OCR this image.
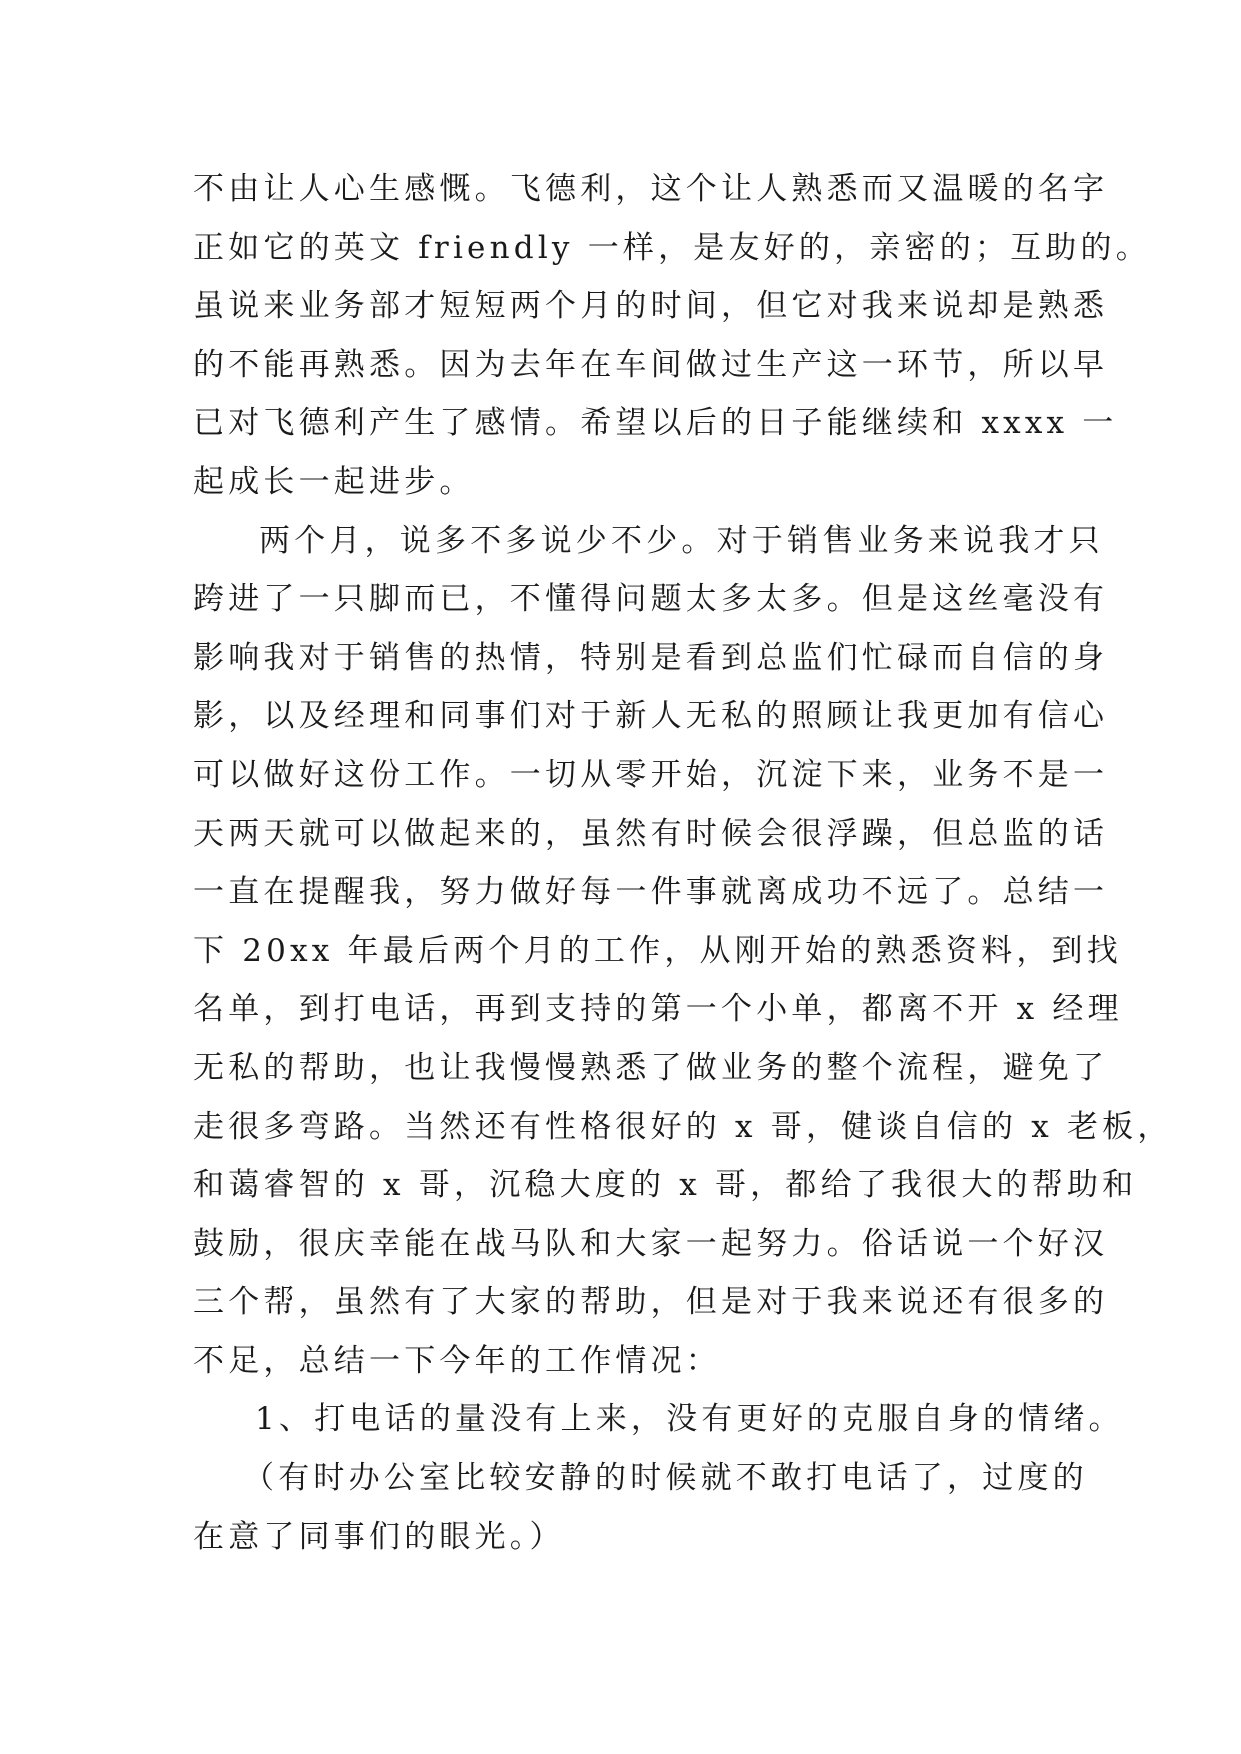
不由让人心生感慨。飞德利，这个让人熟悉而又温暖的名字
正如它的英文 friendly 一样，是友好的，亲密的；互助的。
虽说来业务部才短短两个月的时间，但它对我来说却是熟悉
的不能再熟悉。因为去年在车间做过生产这一环节，所以早
已对飞德利产生了感情。希望以后的日子能继续和 xxxx 一
起成长一起进步。
两个月，说多不多说少不少。对于销售业务来说我才只
跨进了一只脚而已，不懂得问题太多太多。但是这丝毫没有
影响我对于销售的热情，特别是看到总监们忙碌而自信的身
影，以及经理和同事们对于新人无私的照顾让我更加有信心
可以做好这份工作。一切从零开始，沉淀下来，业务不是一
天两天就可以做起来的，虽然有时候会很浮躁，但总监的话
一直在提醒我，努力做好每一件事就离成功不远了。总结一
下 20xx 年最后两个月的工作，从刚开始的熟悉资料，到找
名单，到打电话，再到支持的第一个小单，都离不开 x 经理
无私的帮助，也让我慢慢熟悉了做业务的整个流程，避免了
走很多弯路。当然还有性格很好的 x 哥，健谈自信的 x 老板，
和蔼睿智的 x 哥，沉稳大度的 x 哥，都给了我很大的帮助和
鼓励，很庆幸能在战马队和大家一起努力。俗话说一个好汉
三个帮，虽然有了大家的帮助，但是对于我来说还有很多的
不足，总结一下今年的工作情况：
1、打电话的量没有上来，没有更好的克服自身的情绪。
（有时办公室比较安静的时候就不敢打电话了，过度的
在意了同事们的眼光。）
